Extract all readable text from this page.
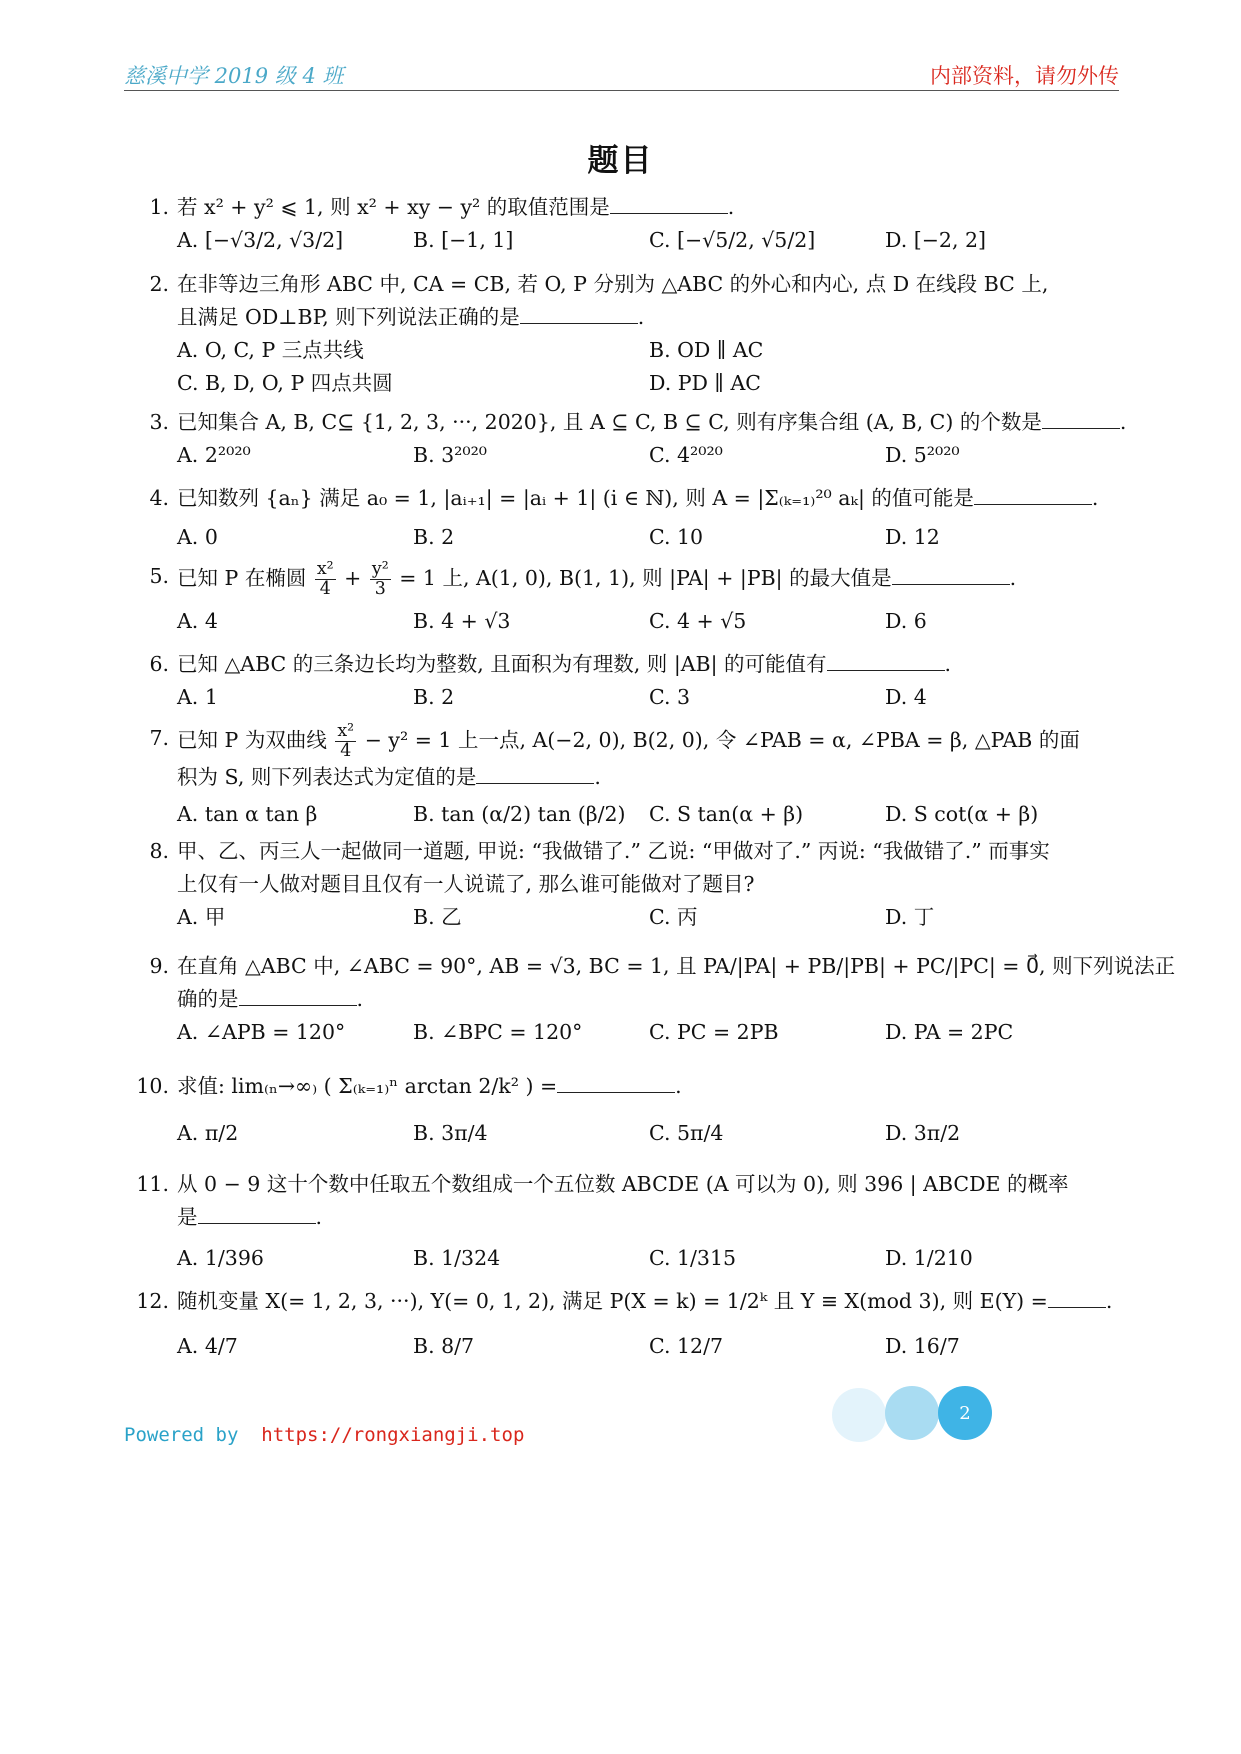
慈溪中学 2019 级 4 班	内部资料，请勿外传
题目
1. 若 x² + y² ⩽ 1, 则 x² + xy − y² 的取值范围是	.
A. [−√3/2, √3/2]	B. [−1, 1]	C. [−√5/2, √5/2]	D. [−2, 2]
2. 在非等边三角形 ABC 中, CA = CB, 若 O, P 分别为 △ABC 的外心和内心, 点 D 在线段 BC 上,
且满足 OD⊥BP, 则下列说法正确的是	.
A. O, C, P 三点共线	B. OD ∥ AC
C. B, D, O, P 四点共圆	D. PD ∥ AC
3. 已知集合 A, B, C⊆ {1, 2, 3, ···, 2020}, 且 A ⊆ C, B ⊆ C, 则有序集合组 (A, B, C) 的个数是	.
A. 2²⁰²⁰	B. 3²⁰²⁰	C. 4²⁰²⁰	D. 5²⁰²⁰
4. 已知数列 {aₙ} 满足 a₀ = 1, |aᵢ₊₁| = |aᵢ + 1| (i ∈ ℕ), 则 A = |Σ₍ₖ₌₁₎²⁰ aₖ| 的值可能是	.
A. 0	B. 2	C. 10	D. 12
5. 已知 P 在椭圆 $\frac{\text{x²}}{4} + \frac{\text{y²}}{3} = 1$ 上, A(1, 0), B(1, 1), 则 |PA| + |PB| 的最大值是	.
A. 4	B. 4 + √3	C. 4 + √5	D. 6
6. 已知 △ABC 的三条边长均为整数, 且面积为有理数, 则 |AB| 的可能值有	.
A. 1	B. 2	C. 3	D. 4
7. 已知 P 为双曲线 $\frac{\text{x²}}{4} - y^2 = 1$ 上一点, A(−2, 0), B(2, 0), 令 ∠PAB = α, ∠PBA = β, △PAB 的面
积为 S, 则下列表达式为定值的是	.
A. tan α tan β	B. tan (α/2) tan (β/2) C. S tan(α + β)	D. S cot(α + β)
8. 甲、乙、丙三人一起做同一道题, 甲说: “我做错了.” 乙说: “甲做对了.” 丙说: “我做错了.” 而事实
上仅有一人做对题目且仅有一人说谎了, 那么谁可能做对了题目?
A. 甲	B. 乙	C. 丙	D. 丁
9. 在直角 △ABC 中, ∠ABC = 90°, AB = √3, BC = 1, 且 PA/|PA| + PB/|PB| + PC/|PC| = 0⃗, 则下列说法正
确的是	.
A. ∠APB = 120°	B. ∠BPC = 120°	C. PC = 2PB	D. PA = 2PC
10. 求值: lim₍ₙ→∞₎ ( Σ₍ₖ₌₁₎ⁿ arctan 2/k² ) =	.
A. π/2	B. 3π/4	C. 5π/4	D. 3π/2
11. 从 0 − 9 这十个数中任取五个数组成一个五位数 ABCDE (A 可以为 0), 则 396 | ABCDE 的概率
是	.
A. 1/396	B. 1/324	C. 1/315	D. 1/210
12. 随机变量 X(= 1, 2, 3, ···), Y(= 0, 1, 2), 满足 P(X = k) = 1/2ᵏ 且 Y ≡ X(mod 3), 则 E(Y) =	.
A. 4/7	B. 8/7	C. 12/7	D. 16/7
Powered by https://rongxiangji.top
2
